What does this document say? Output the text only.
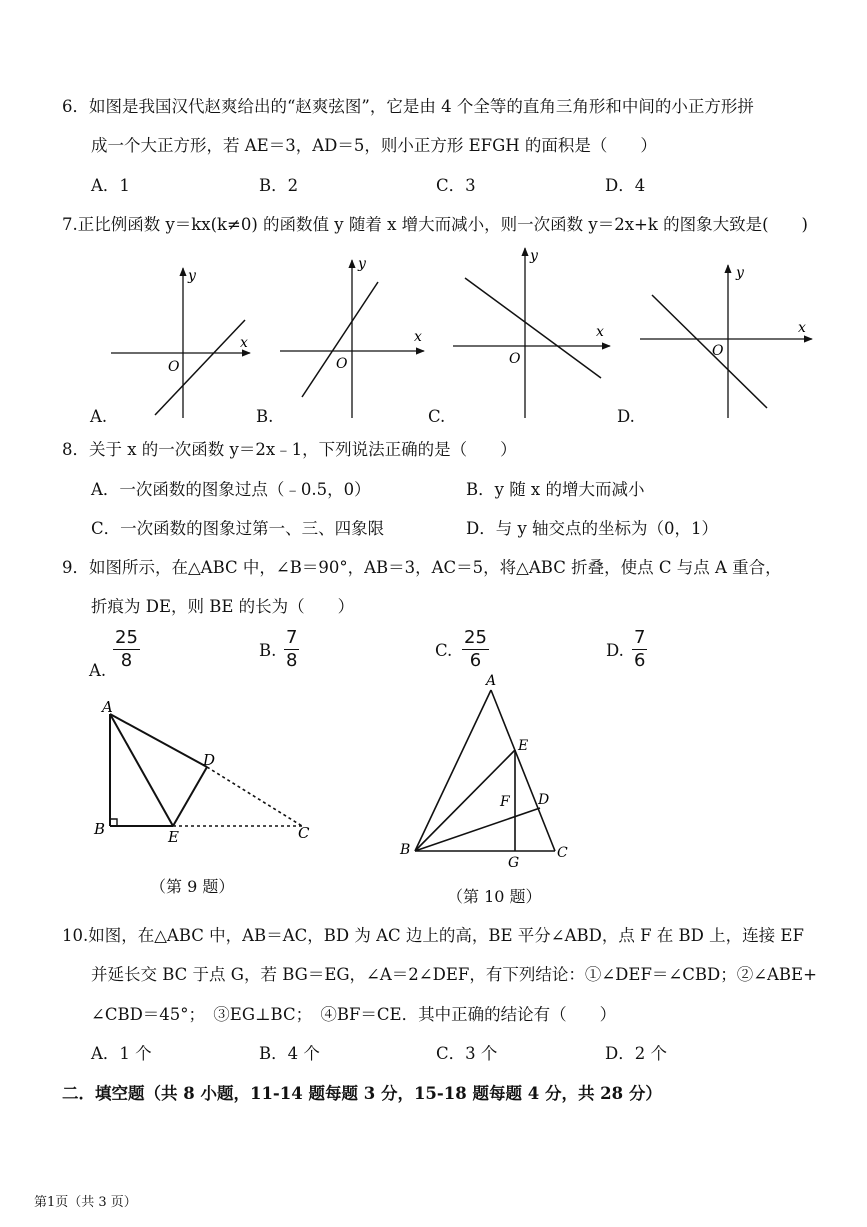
6．如图是我国汉代赵爽给出的“赵爽弦图”，它是由 4 个全等的直角三角形和中间的小正方形拼
成一个大正方形，若 AE＝3，AD＝5，则小正方形 EFGH 的面积是（　　）
A．1	B．2	C．3	D．4
7.正比例函数 y＝kx(k≠0) 的函数值 y 随着 x 增大而减小，则一次函数 y＝2x+k 的图象大致是(　　)
x
y
O
x
y
O
x
y
O
x
y
O
A.	B.	C.	D.
8．关于 x 的一次函数 y＝2x﹣1，下列说法正确的是（　　）
A．一次函数的图象过点（﹣0.5，0）	B．y 随 x 的增大而减小
C．一次函数的图象过第一、三、四象限	D．与 y 轴交点的坐标为（0，1）
9．如图所示，在△ABC 中，∠B＝90°，AB＝3，AC＝5，将△ABC 折叠，使点 C 与点 A 重合，
折痕为 DE，则 BE 的长为（　　）
A.
25
8	B.
7
8	C.
25
6	D.
7
6
A
B	E
D
C
（第 9 题）
A
B	C
D
E
F
G
（第 10 题）
10.如图，在△ABC 中，AB＝AC，BD 为 AC 边上的高，BE 平分∠ABD，点 F 在 BD 上，连接 EF
并延长交 BC 于点 G，若 BG＝EG，∠A＝2∠DEF，有下列结论：①∠DEF＝∠CBD；②∠ABE+
∠CBD＝45°；　③EG⊥BC；　④BF＝CE．其中正确的结论有（　　）
A．1 个	B．4 个	C．3 个	D．2 个
二．填空题（共 8 小题，11-14 题每题 3 分，15-18 题每题 4 分，共 28 分）
第1页（共 3 页）
